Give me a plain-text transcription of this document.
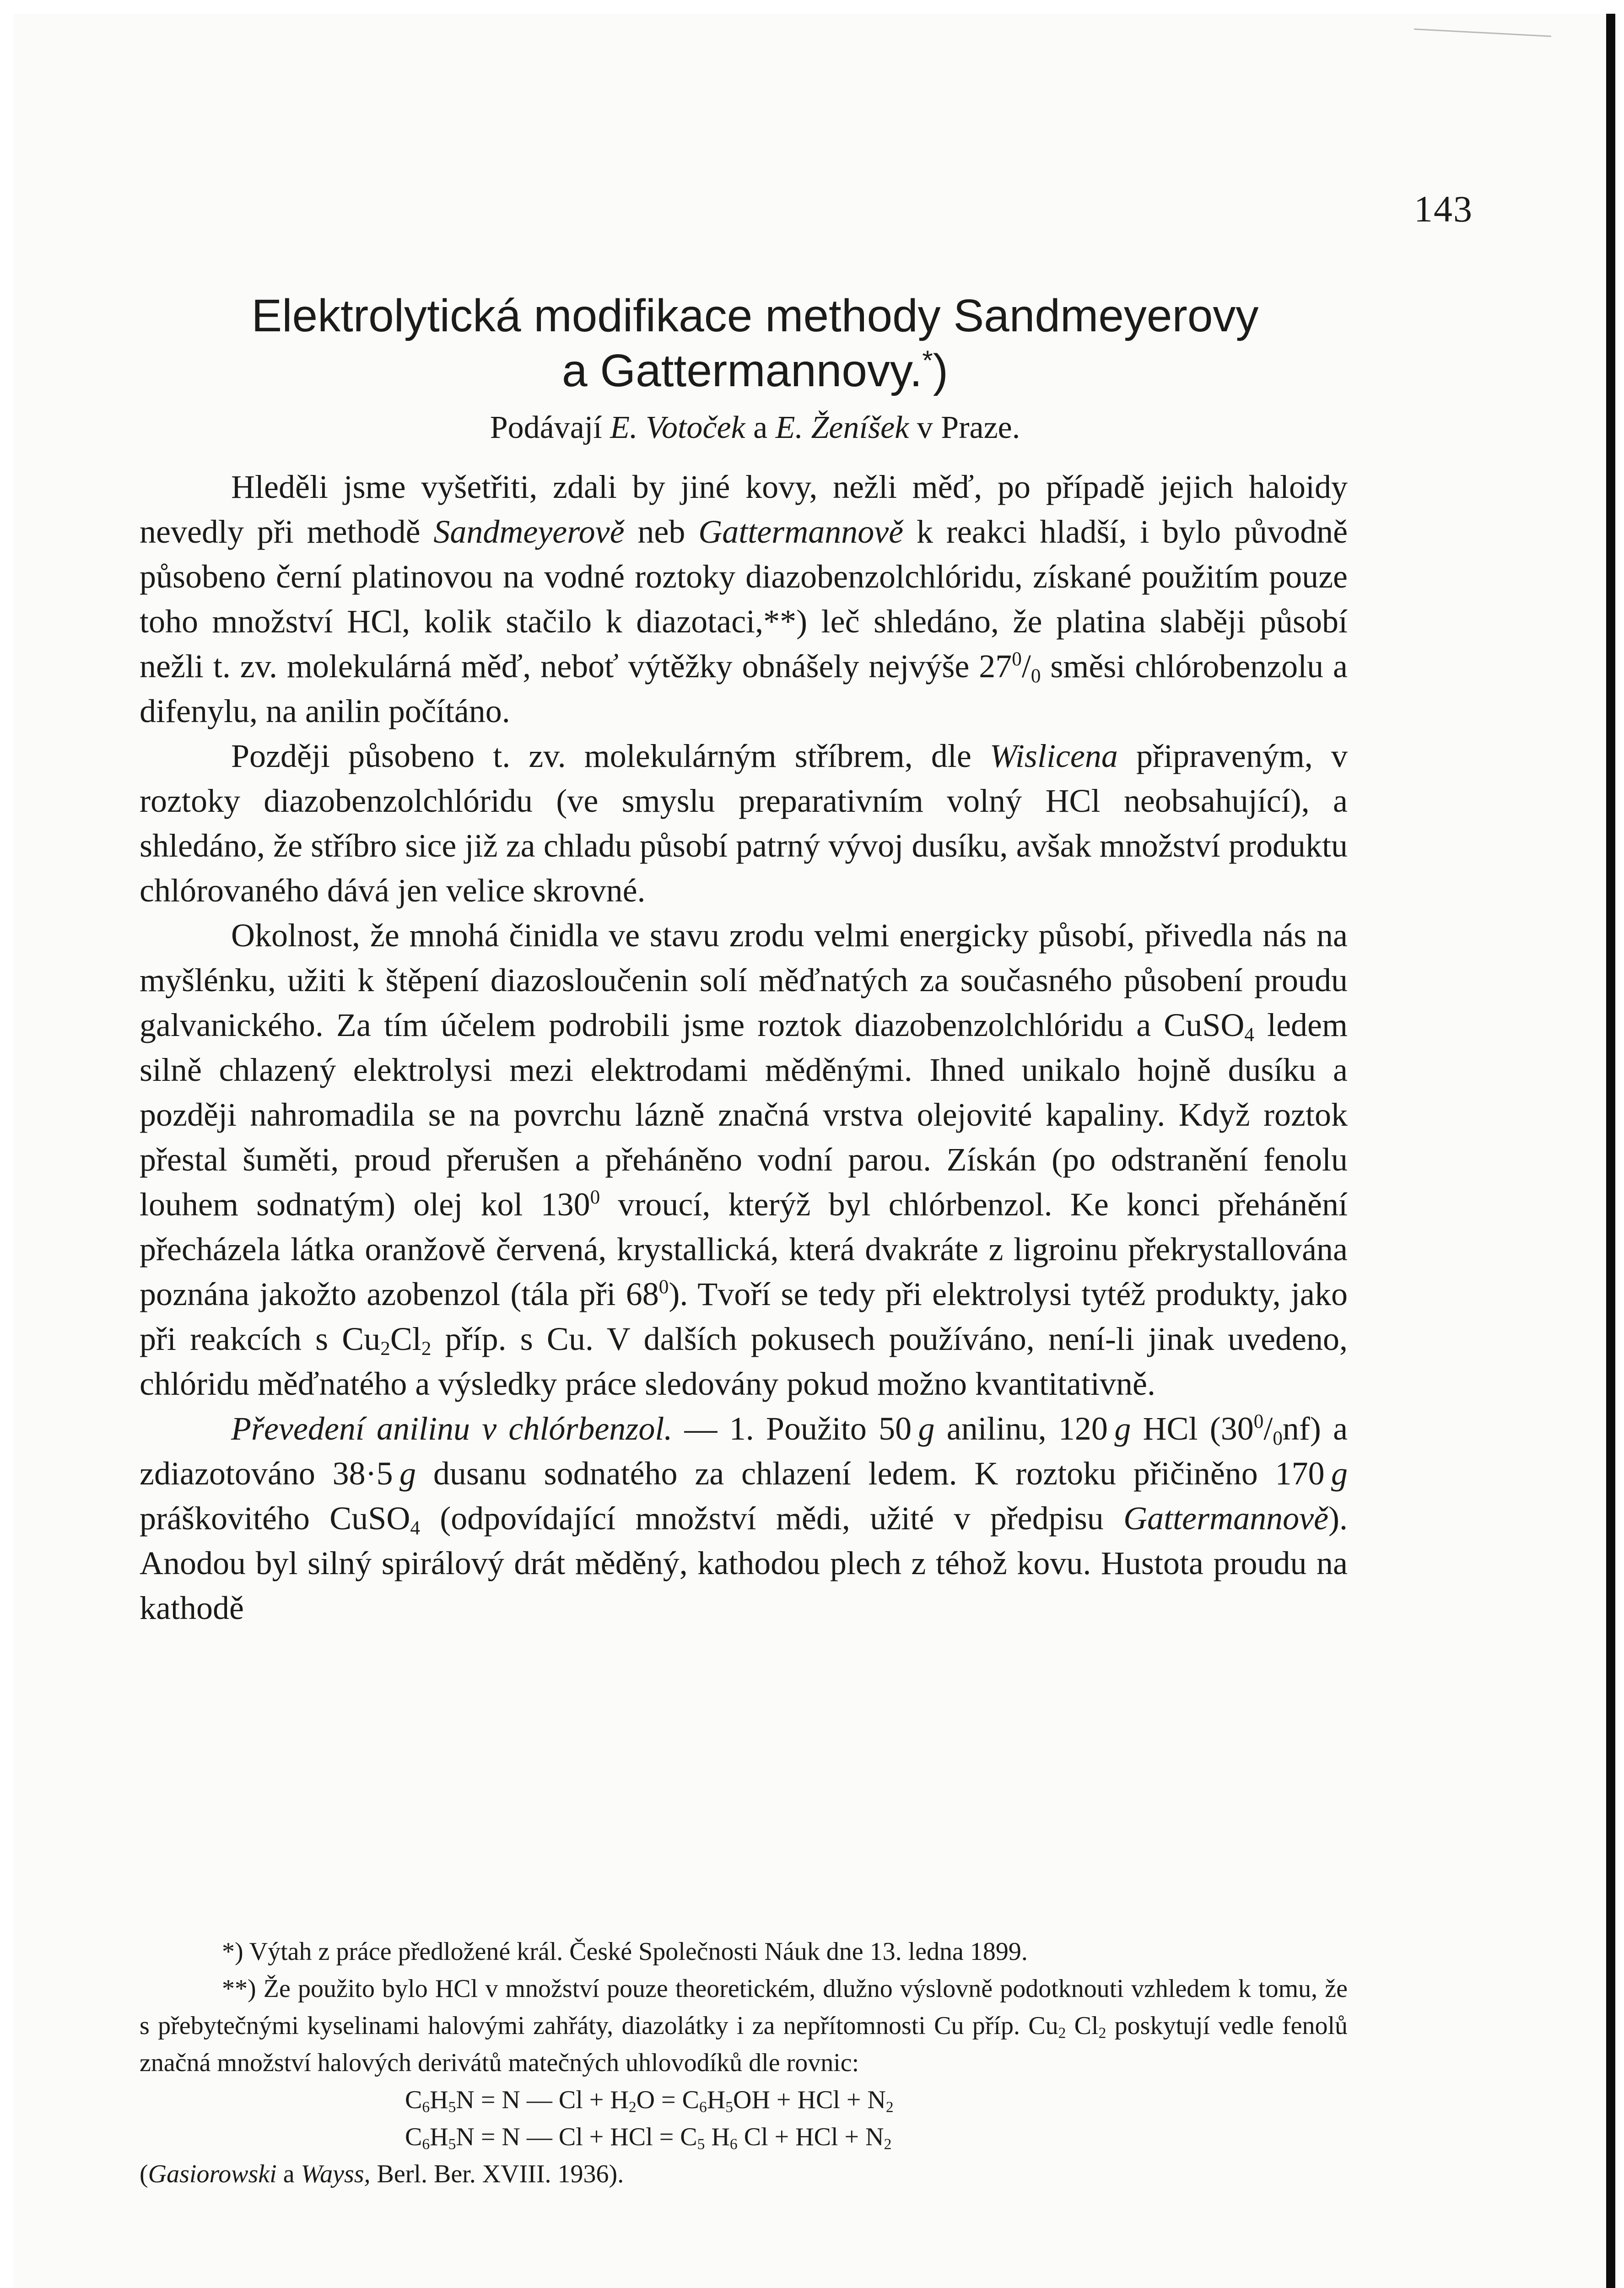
143
Elektrolytická modifikace methody Sandmeyerovy
a Gattermannovy.*)
Podávají E. Votoček a E. Ženíšek v Praze.

Hleděli jsme vyšetřiti, zdali by jiné kovy, nežli měď, po případě jejich haloidy nevedly při methodě Sandmeyerově neb Gattermannově k reakci hladší, i bylo původně působeno černí platinovou na vodné roztoky diazobenzolchlóridu, získané použitím pouze toho množství HCl, kolik stačilo k diazotaci,**) leč shledáno, že platina slaběji působí nežli t. zv. molekulárná měď, neboť výtěžky obnášely nejvýše $27^0/_0$ směsi chlórobenzolu a difenylu, na anilin počítáno.

Později působeno t. zv. molekulárným stříbrem, dle Wislicena připraveným, v roztoky diazobenzolchlóridu (ve smyslu preparativním volný HCl neobsahující), a shledáno, že stříbro sice již za chladu působí patrný vývoj dusíku, avšak množství produktu chlórovaného dává jen velice skrovné.

Okolnost, že mnohá činidla ve stavu zrodu velmi energicky působí, přivedla nás na myšlénku, užiti k štěpení diazosloučenin solí měďnatých za současného působení proudu galvanického. Za tím účelem podrobili jsme roztok diazobenzolchlóridu a CuSO$_4$ ledem silně chlazený elektrolysi mezi elektrodami měděnými. Ihned unikalo hojně dusíku a později nahromadila se na povrchu lázně značná vrstva olejovité kapaliny. Když roztok přestal šuměti, proud přerušen a přeháněno vodní parou. Získán (po odstranění fenolu louhem sodnatým) olej kol $130^0$ vroucí, kterýž byl chlórbenzol. Ke konci přehánění přecházela látka oranžově červená, krystallická, která dvakráte z ligroinu překrystallována poznána jakožto azobenzol (tála při $68^0$). Tvoří se tedy při elektrolysi tytéž produkty, jako při reakcích s $Cu_2Cl_2$ příp. s Cu. V dalších pokusech používáno, není-li jinak uvedeno, chlóridu měďnatého a výsledky práce sledovány pokud možno kvantitativně.

Převedení anilinu v chlórbenzol. — 1. Použito 50  g anilinu, 120  g HCl $(30^0/_0nf)$ a zdiazotováno 38·5  g dusanu sodnatého za chlazení ledem. K roztoku přičiněno 170  g práškovitého CuSO$_4$ (odpovídající množství mědi, užité v předpisu Gattermannově). Anodou byl silný spirálový drát měděný, kathodou plech z téhož kovu. Hustota proudu na kathodě

*) Výtah z práce předložené král. České Společnosti Náuk dne 13. ledna 1899.

**) Že použito bylo HCl v množství pouze theoretickém, dlužno výslovně podotknouti vzhledem k tomu, že s přebytečnými kyselinami halovými zahřáty, diazolátky i za nepřítomnosti Cu příp. $Cu_2$ $Cl_2$ poskytují vedle fenolů značná množství halových derivátů matečných uhlovodíků dle rovnic:

$C_6H_5N = N$ — $Cl + H_2O = C_6H_5OH$ + HCl + $N_2$

$C_6H_5N = N$ — Cl + HCl = $C_5$ $H_6$ Cl + HCl + $N_2$

(Gasiorowski a Wayss, Berl. Ber. XVIII. 1936).
